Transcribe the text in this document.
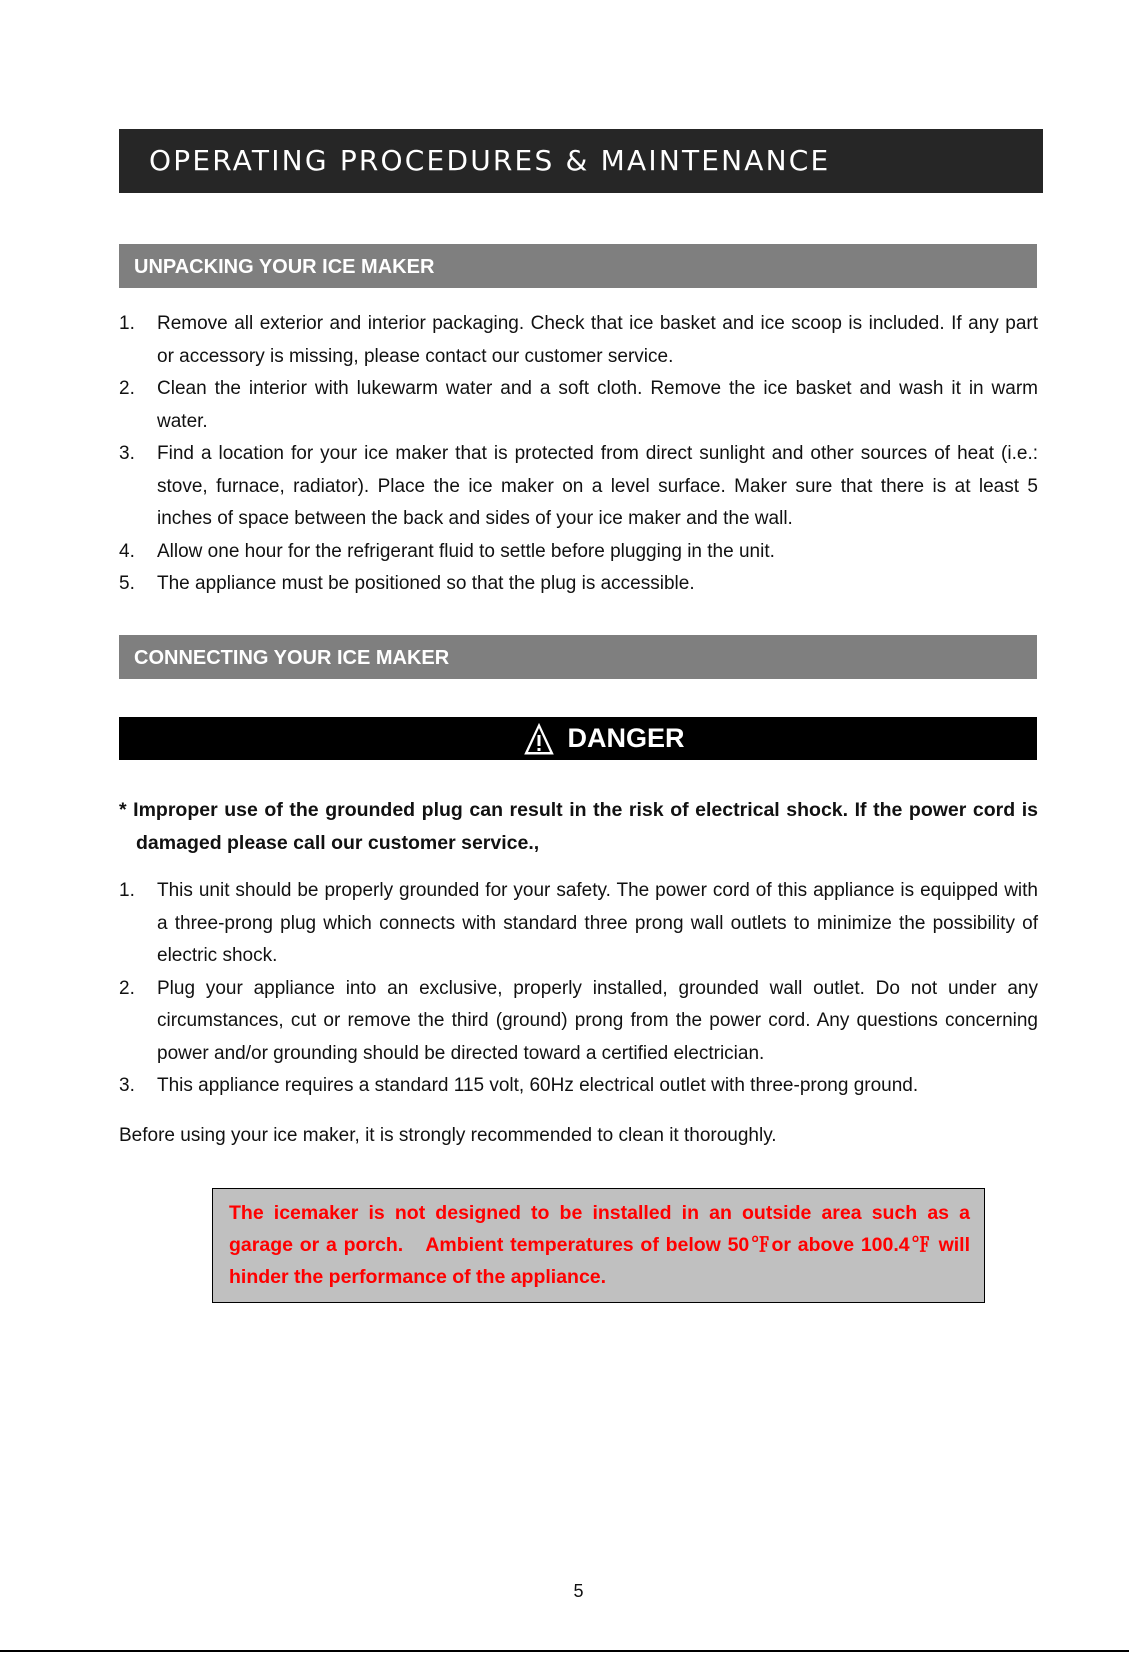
OPERATING PROCEDURES & MAINTENANCE
UNPACKING YOUR ICE MAKER
1. Remove all exterior and interior packaging. Check that ice basket and ice scoop is included. If any part or accessory is missing, please contact our customer service.
2. Clean the interior with lukewarm water and a soft cloth. Remove the ice basket and wash it in warm water.
3. Find a location for your ice maker that is protected from direct sunlight and other sources of heat (i.e.: stove, furnace, radiator). Place the ice maker on a level surface. Maker sure that there is at least 5 inches of space between the back and sides of your ice maker and the wall.
4. Allow one hour for the refrigerant fluid to settle before plugging in the unit.
5. The appliance must be positioned so that the plug is accessible.
CONNECTING YOUR ICE MAKER
DANGER
* Improper use of the grounded plug can result in the risk of electrical shock. If the power cord is damaged please call our customer service.,
1. This unit should be properly grounded for your safety. The power cord of this appliance is equipped with a three-prong plug which connects with standard three prong wall outlets to minimize the possibility of electric shock.
2. Plug your appliance into an exclusive, properly installed, grounded wall outlet. Do not under any circumstances, cut or remove the third (ground) prong from the power cord. Any questions concerning power and/or grounding should be directed toward a certified electrician.
3. This appliance requires a standard 115 volt, 60Hz electrical outlet with three-prong ground.
Before using your ice maker, it is strongly recommended to clean it thoroughly.
The icemaker is not designed to be installed in an outside area such as a garage or a porch.　Ambient temperatures of below 50℉or above 100.4℉ will hinder the performance of the appliance.
5
